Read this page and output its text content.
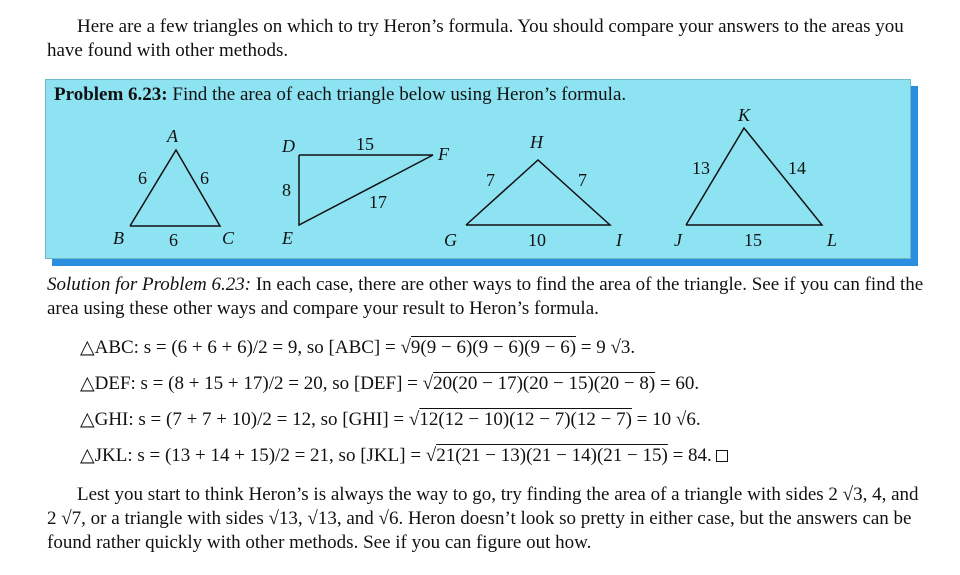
Here are a few triangles on which to try Heron’s formula. You should compare your answers to the areas you have found with other methods.

Problem 6.23: Find the area of each triangle below using Heron’s formula.
A
B	C
6	6
6
D
E
F
15
8
17
H
G	I
7	7
10
K
J	L
13	14
15

Solution for Problem 6.23: In each case, there are other ways to find the area of the triangle. See if you can find the area using these other ways and compare your result to Heron’s formula.

△ABC: s = (6 + 6 + 6)/2 = 9, so [ABC] = √9(9 − 6)(9 − 6)(9 − 6) = 9 √3.
△DEF: s = (8 + 15 + 17)/2 = 20, so [DEF] = √20(20 − 17)(20 − 15)(20 − 8) = 60.
△GHI: s = (7 + 7 + 10)/2 = 12, so [GHI] = √12(12 − 10)(12 − 7)(12 − 7) = 10 √6.
△JKL: s = (13 + 14 + 15)/2 = 21, so [JKL] = √21(21 − 13)(21 − 14)(21 − 15) = 84.

Lest you start to think Heron’s is always the way to go, try finding the area of a triangle with sides 2 √3, 4, and 2 √7, or a triangle with sides √13, √13, and √6. Heron doesn’t look so pretty in either case, but the answers can be found rather quickly with other methods. See if you can figure out how.
